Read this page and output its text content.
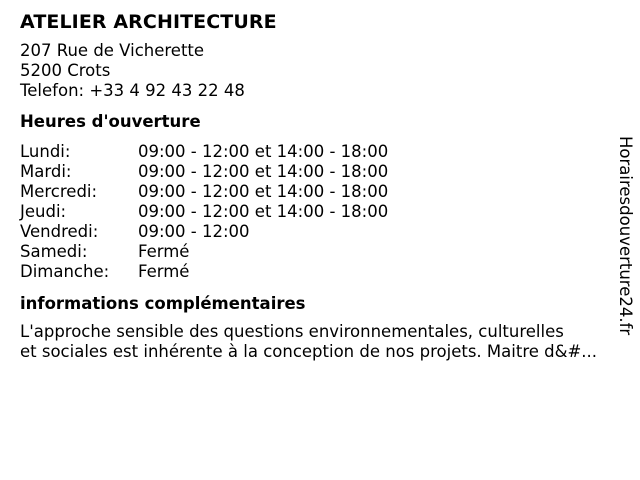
ATELIER ARCHITECTURE
207 Rue de Vicherette
5200 Crots
Telefon: +33 4 92 43 22 48
Heures d'ouverture
Lundi:	09:00 - 12:00 et 14:00 - 18:00
Mardi:	09:00 - 12:00 et 14:00 - 18:00
Mercredi:	09:00 - 12:00 et 14:00 - 18:00
Jeudi:	09:00 - 12:00 et 14:00 - 18:00
Vendredi:	09:00 - 12:00
Samedi:	Fermé
Dimanche:	Fermé
informations complémentaires
L'approche sensible des questions environnementales, culturelles
et sociales est inhérente à la conception de nos projets. Maitre d&#...
Horairesdouverture24.fr
